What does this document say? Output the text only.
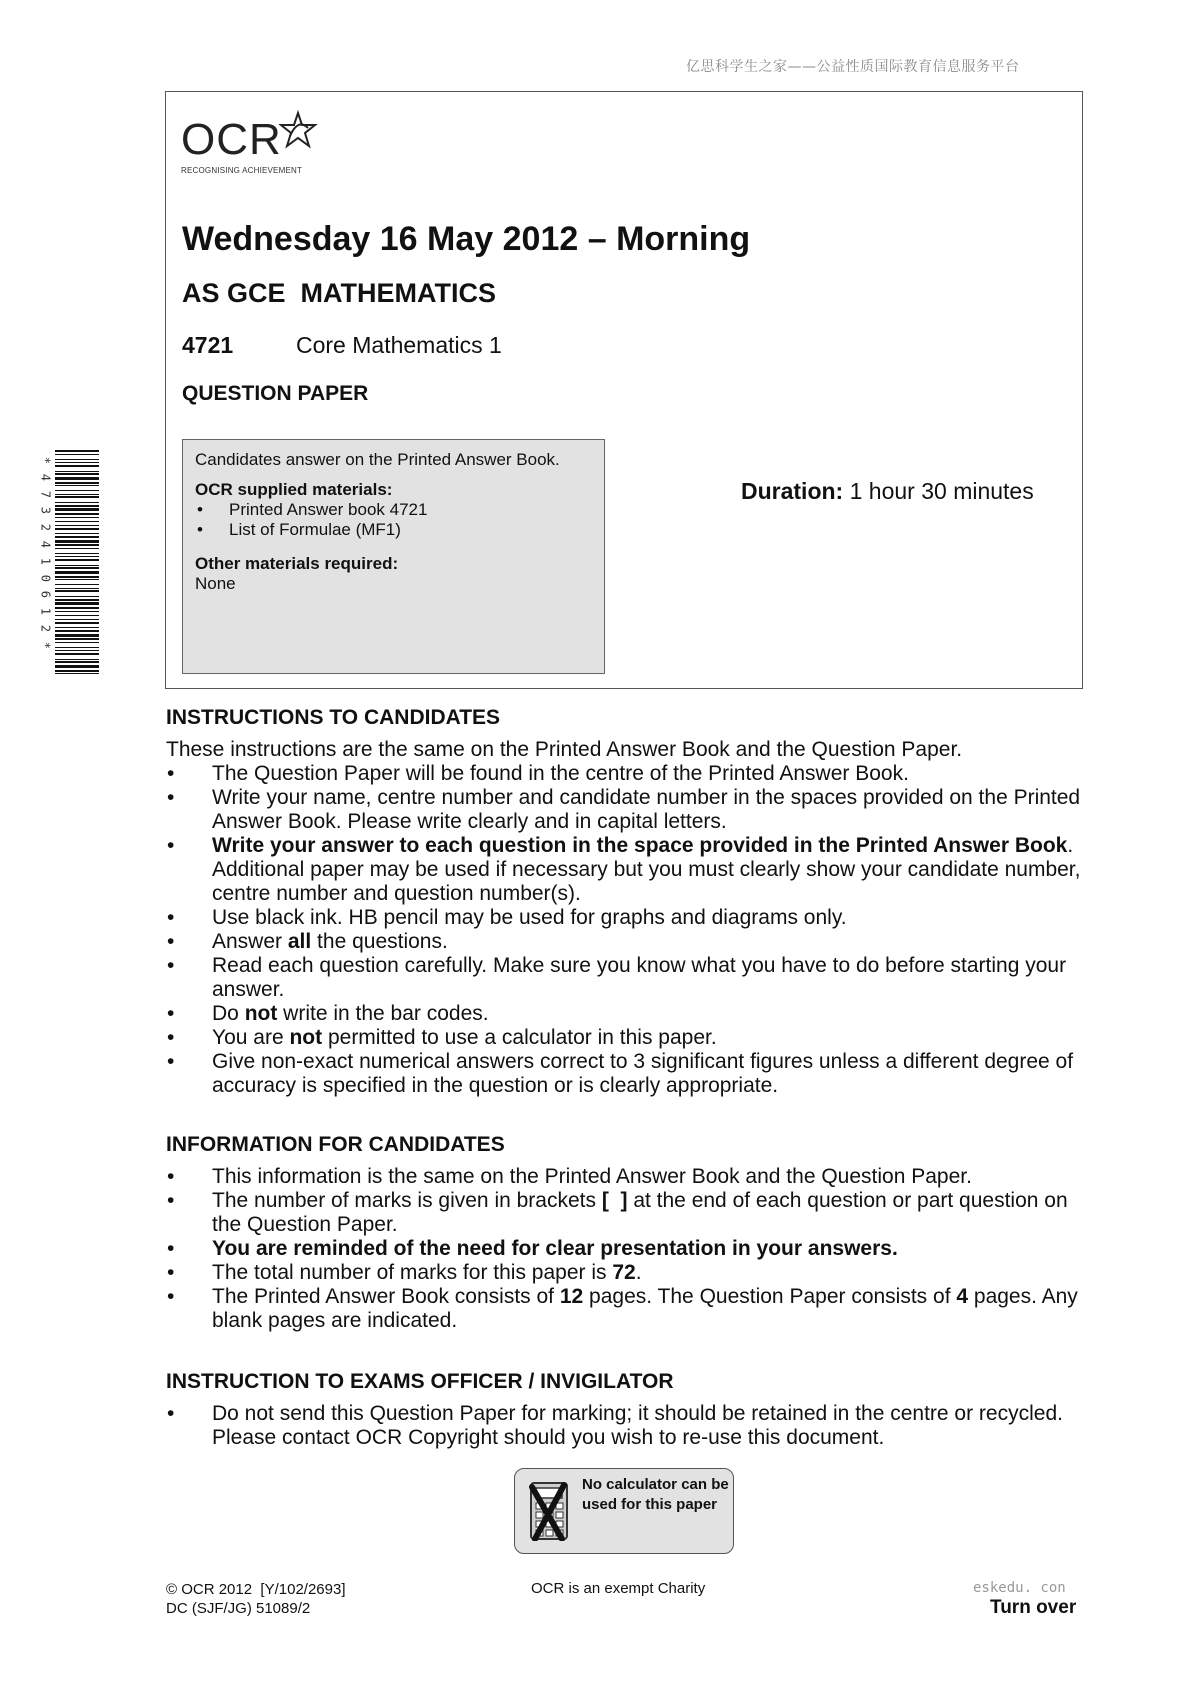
亿思科学生之家——公益性质国际教育信息服务平台
OCR
RECOGNISING ACHIEVEMENT
Wednesday 16 May 2012 – Morning
AS GCE  MATHEMATICS
4721	Core Mathematics 1
QUESTION PAPER
Candidates answer on the Printed Answer Book.
OCR supplied materials:
• Printed Answer book 4721
• List of Formulae (MF1)
Other materials required:
None
Duration: 1 hour 30 minutes
*
4
7
3
2
4
1
0
6
1
2
*
INSTRUCTIONS TO CANDIDATES
These instructions are the same on the Printed Answer Book and the Question Paper.
• The Question Paper will be found in the centre of the Printed Answer Book.
• Write your name, centre number and candidate number in the spaces provided on the Printed Answer Book. Please write clearly and in capital letters.
• Write your answer to each question in the space provided in the Printed Answer Book. Additional paper may be used if necessary but you must clearly show your candidate number, centre number and question number(s).
• Use black ink. HB pencil may be used for graphs and diagrams only.
• Answer all the questions.
• Read each question carefully. Make sure you know what you have to do before starting your answer.
• Do not write in the bar codes.
• You are not permitted to use a calculator in this paper.
• Give non-exact numerical answers correct to 3 significant figures unless a different degree of accuracy is specified in the question or is clearly appropriate.
INFORMATION FOR CANDIDATES
• This information is the same on the Printed Answer Book and the Question Paper.
• The number of marks is given in brackets [  ] at the end of each question or part question on the Question Paper.
• You are reminded of the need for clear presentation in your answers.
• The total number of marks for this paper is 72.
• The Printed Answer Book consists of 12 pages. The Question Paper consists of 4 pages. Any blank pages are indicated.
INSTRUCTION TO EXAMS OFFICER / INVIGILATOR
• Do not send this Question Paper for marking; it should be retained in the centre or recycled. Please contact OCR Copyright should you wish to re-use this document.
No calculator can be used for this paper
© OCR 2012  [Y/102/2693]
DC (SJF/JG) 51089/2
OCR is an exempt Charity	eskedu. con
Turn over
